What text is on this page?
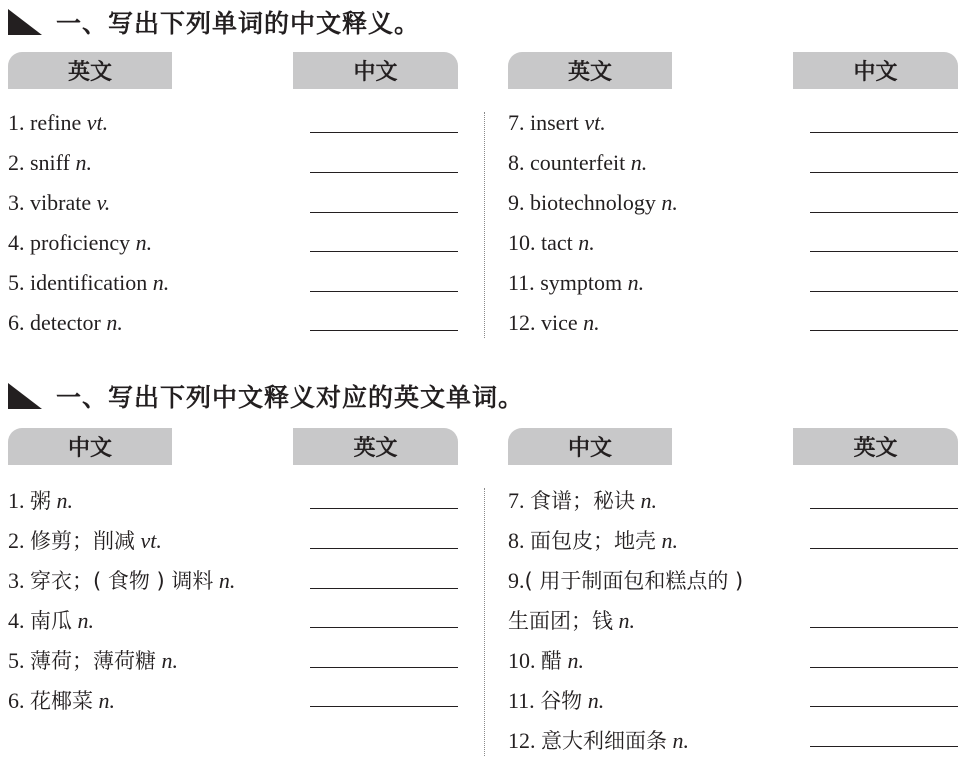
一、写出下列单词的中文释义。
英文	中文	英文	中文
1. refine vt.
2. sniff n.
3. vibrate v.
4. proficiency n.
5. identification n.
6. detector n.
7. insert vt.
8. counterfeit n.
9. biotechnology n.
10. tact n.
11. symptom n.
12. vice n.
一、写出下列中文释义对应的英文单词。
中文	英文	中文	英文
1. 粥 n.
2. 修剪；削减 vt.
3. 穿衣；( 食物 ) 调料 n.
4. 南瓜 n.
5. 薄荷；薄荷糖 n.
6. 花椰菜 n.
7. 食谱；秘诀 n.
8. 面包皮；地壳 n.
9.( 用于制面包和糕点的 )
生面团；钱 n.
10. 醋 n.
11. 谷物 n.
12. 意大利细面条 n.
